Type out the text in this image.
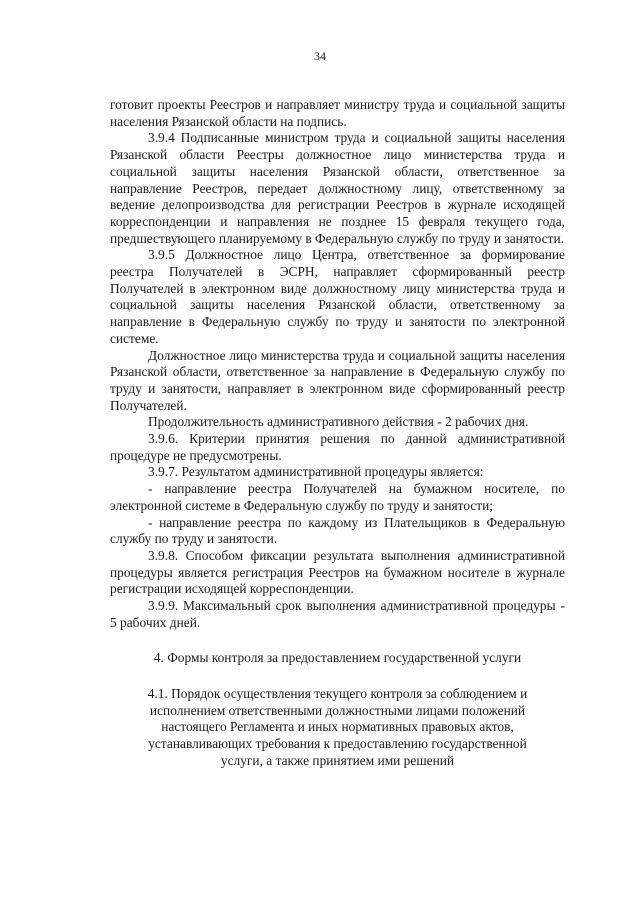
34

готовит проекты Реестров и направляет министру труда и социальной защиты населения Рязанской области на подпись.

3.9.4 Подписанные министром труда и социальной защиты населения Рязанской области Реестры должностное лицо министерства труда и социальной защиты населения Рязанской области, ответственное за направление Реестров, передает должностному лицу, ответственному за ведение делопроизводства для регистрации Реестров в журнале исходящей корреспонденции и направления не позднее 15 февраля текущего года, предшествующего планируемому в Федеральную службу по труду и занятости.

3.9.5 Должностное лицо Центра, ответственное за формирование реестра Получателей в ЭСРН, направляет сформированный реестр Получателей в электронном виде должностному лицу министерства труда и социальной защиты населения Рязанской области, ответственному за направление в Федеральную службу по труду и занятости по электронной системе.

Должностное лицо министерства труда и социальной защиты населения Рязанской области, ответственное за направление в Федеральную службу по труду и занятости, направляет в электронном виде сформированный реестр Получателей.

Продолжительность административного действия - 2 рабочих дня.

3.9.6. Критерии принятия решения по данной административной процедуре не предусмотрены.

3.9.7. Результатом административной процедуры является:

- направление реестра Получателей на бумажном носителе, по электронной системе в Федеральную службу по труду и занятости;

- направление реестра по каждому из Плательщиков в Федеральную службу по труду и занятости.

3.9.8. Способом фиксации результата выполнения административной процедуры является регистрация Реестров на бумажном носителе в журнале регистрации исходящей корреспонденции.

3.9.9. Максимальный срок выполнения административной процедуры - 5 рабочих дней.

4. Формы контроля за предоставлением государственной услуги

4.1. Порядок осуществления текущего контроля за соблюдением и
исполнением ответственными должностными лицами положений
настоящего Регламента и иных нормативных правовых актов,
устанавливающих требования к предоставлению государственной
услуги, а также принятием ими решений
